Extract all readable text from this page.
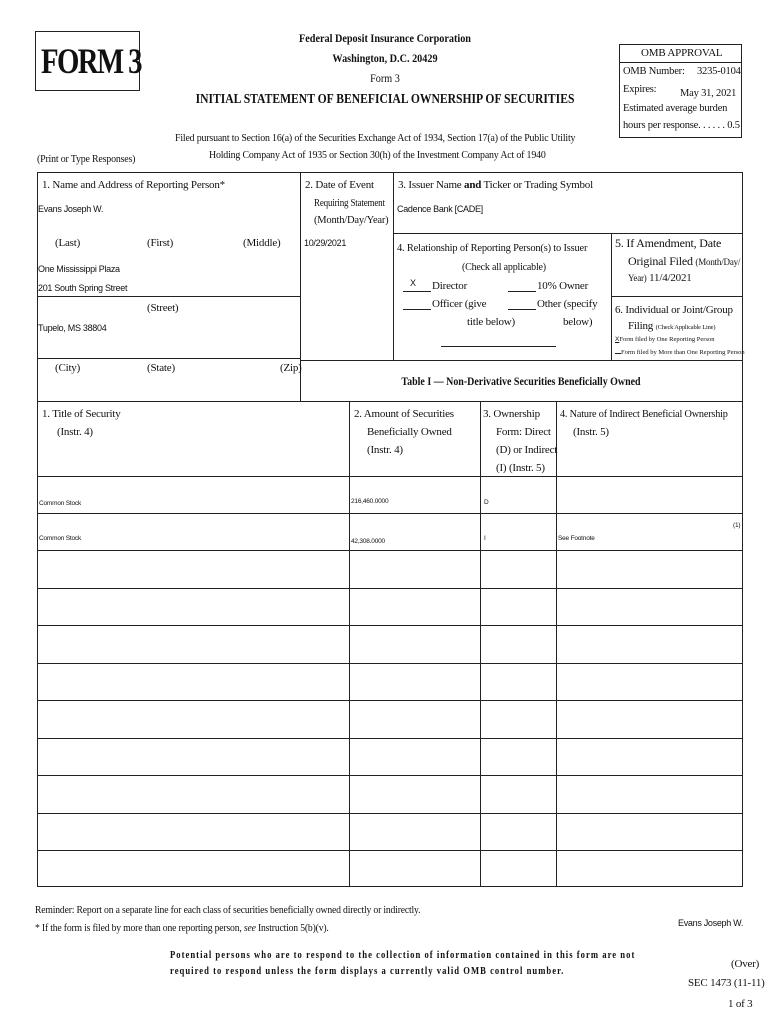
FORM 3
Federal Deposit Insurance Corporation
Washington, D.C. 20429
Form 3
INITIAL STATEMENT OF BENEFICIAL OWNERSHIP OF SECURITIES
OMB APPROVAL
OMB Number: 3235-0104
Expires: May 31, 2021
Estimated average burden
hours per response. . . . . . 0.5
Filed pursuant to Section 16(a) of the Securities Exchange Act of 1934, Section 17(a) of the Public Utility
Holding Company Act of 1935 or Section 30(h) of the Investment Company Act of 1940
(Print or Type Responses)
1. Name and Address of Reporting Person*
Evans Joseph W.
(Last)	(First)	(Middle)
One Mississippi Plaza
201 South Spring Street
(Street)
Tupelo, MS 38804
(City)	(State)	(Zip)
2. Date of Event
Requiring Statement
(Month/Day/Year)
10/29/2021
3. Issuer Name and Ticker or Trading Symbol
Cadence Bank [CADE]
4. Relationship of Reporting Person(s) to Issuer
(Check all applicable)
X Director	10% Owner
Officer (give
title below)
Other (specify
below)
5. If Amendment, Date
Original Filed (Month/Day/
Year) 11/4/2021
6. Individual or Joint/Group
Filing (Check Applicable Line)
XForm filed by One Reporting Person
Form filed by More than One Reporting Person
Table I — Non-Derivative Securities Beneficially Owned
1. Title of Security
(Instr. 4)
2. Amount of Securities
Beneficially Owned
(Instr. 4)
3. Ownership
Form: Direct
(D) or Indirect
(I) (Instr. 5)
4. Nature of Indirect Beneficial Ownership
(Instr. 5)
Common Stock	216,460.0000	D
Common Stock	42,308.0000	I	See Footnote
(1)
Reminder: Report on a separate line for each class of securities beneficially owned directly or indirectly.
* If the form is filed by more than one reporting person, see Instruction 5(b)(v).	Evans Joseph W.
Potential persons who are to respond to the collection of information contained in this form are not
required to respond unless the form displays a currently valid OMB control number.
(Over)
SEC 1473 (11-11)
1 of 3
